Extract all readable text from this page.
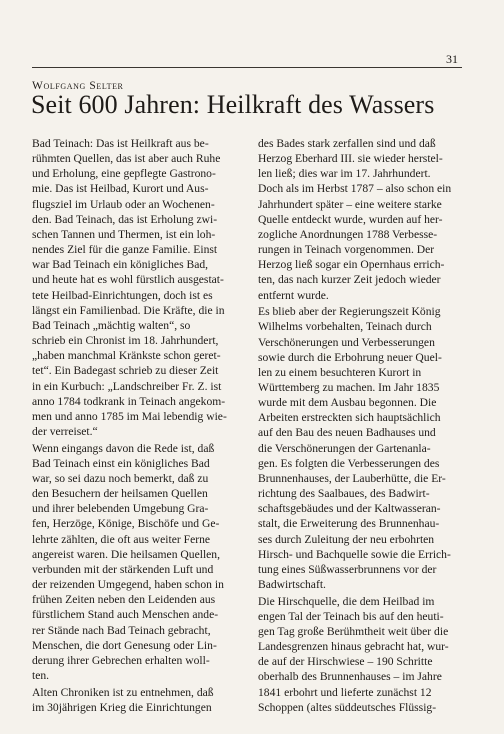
31
Wolfgang Selter
Seit 600 Jahren: Heilkraft des Wassers

Bad Teinach: Das ist Heilkraft aus be-
rühmten Quellen, das ist aber auch Ruhe
und Erholung, eine gepflegte Gastrono-
mie. Das ist Heilbad, Kurort und Aus-
flugsziel im Urlaub oder an Wochenen-
den. Bad Teinach, das ist Erholung zwi-
schen Tannen und Thermen, ist ein loh-
nendes Ziel für die ganze Familie. Einst
war Bad Teinach ein königliches Bad,
und heute hat es wohl fürstlich ausgestat-
tete Heilbad-Einrichtungen, doch ist es
längst ein Familienbad. Die Kräfte, die in
Bad Teinach „mächtig walten“, so
schrieb ein Chronist im 18. Jahrhundert,
„haben manchmal Kränkste schon geret-
tet“. Ein Badegast schrieb zu dieser Zeit
in ein Kurbuch: „Landschreiber Fr. Z. ist
anno 1784 todkrank in Teinach angekom-
men und anno 1785 im Mai lebendig wie-
der verreiset.“

Wenn eingangs davon die Rede ist, daß
Bad Teinach einst ein königliches Bad
war, so sei dazu noch bemerkt, daß zu
den Besuchern der heilsamen Quellen
und ihrer belebenden Umgebung Gra-
fen, Herzöge, Könige, Bischöfe und Ge-
lehrte zählten, die oft aus weiter Ferne
angereist waren. Die heilsamen Quellen,
verbunden mit der stärkenden Luft und
der reizenden Umgegend, haben schon in
frühen Zeiten neben den Leidenden aus
fürstlichem Stand auch Menschen ande-
rer Stände nach Bad Teinach gebracht,
Menschen, die dort Genesung oder Lin-
derung ihrer Gebrechen erhalten woll-
ten.

Alten Chroniken ist zu entnehmen, daß
im 30jährigen Krieg die Einrichtungen

des Bades stark zerfallen sind und daß
Herzog Eberhard III. sie wieder herstel-
len ließ; dies war im 17. Jahrhundert.
Doch als im Herbst 1787 – also schon ein
Jahrhundert später – eine weitere starke
Quelle entdeckt wurde, wurden auf her-
zogliche Anordnungen 1788 Verbesse-
rungen in Teinach vorgenommen. Der
Herzog ließ sogar ein Opernhaus errich-
ten, das nach kurzer Zeit jedoch wieder
entfernt wurde.

Es blieb aber der Regierungszeit König
Wilhelms vorbehalten, Teinach durch
Verschönerungen und Verbesserungen
sowie durch die Erbohrung neuer Quel-
len zu einem besuchteren Kurort in
Württemberg zu machen. Im Jahr 1835
wurde mit dem Ausbau begonnen. Die
Arbeiten erstreckten sich hauptsächlich
auf den Bau des neuen Badhauses und
die Verschönerungen der Gartenanla-
gen. Es folgten die Verbesserungen des
Brunnenhauses, der Lauberhütte, die Er-
richtung des Saalbaues, des Badwirt-
schaftsgebäudes und der Kaltwasseran-
stalt, die Erweiterung des Brunnenhau-
ses durch Zuleitung der neu erbohrten
Hirsch- und Bachquelle sowie die Errich-
tung eines Süßwasserbrunnens vor der
Badwirtschaft.

Die Hirschquelle, die dem Heilbad im
engen Tal der Teinach bis auf den heuti-
gen Tag große Berühmtheit weit über die
Landesgrenzen hinaus gebracht hat, wur-
de auf der Hirschwiese – 190 Schritte
oberhalb des Brunnenhauses – im Jahre
1841 erbohrt und lieferte zunächst 12
Schoppen (altes süddeutsches Flüssig-
